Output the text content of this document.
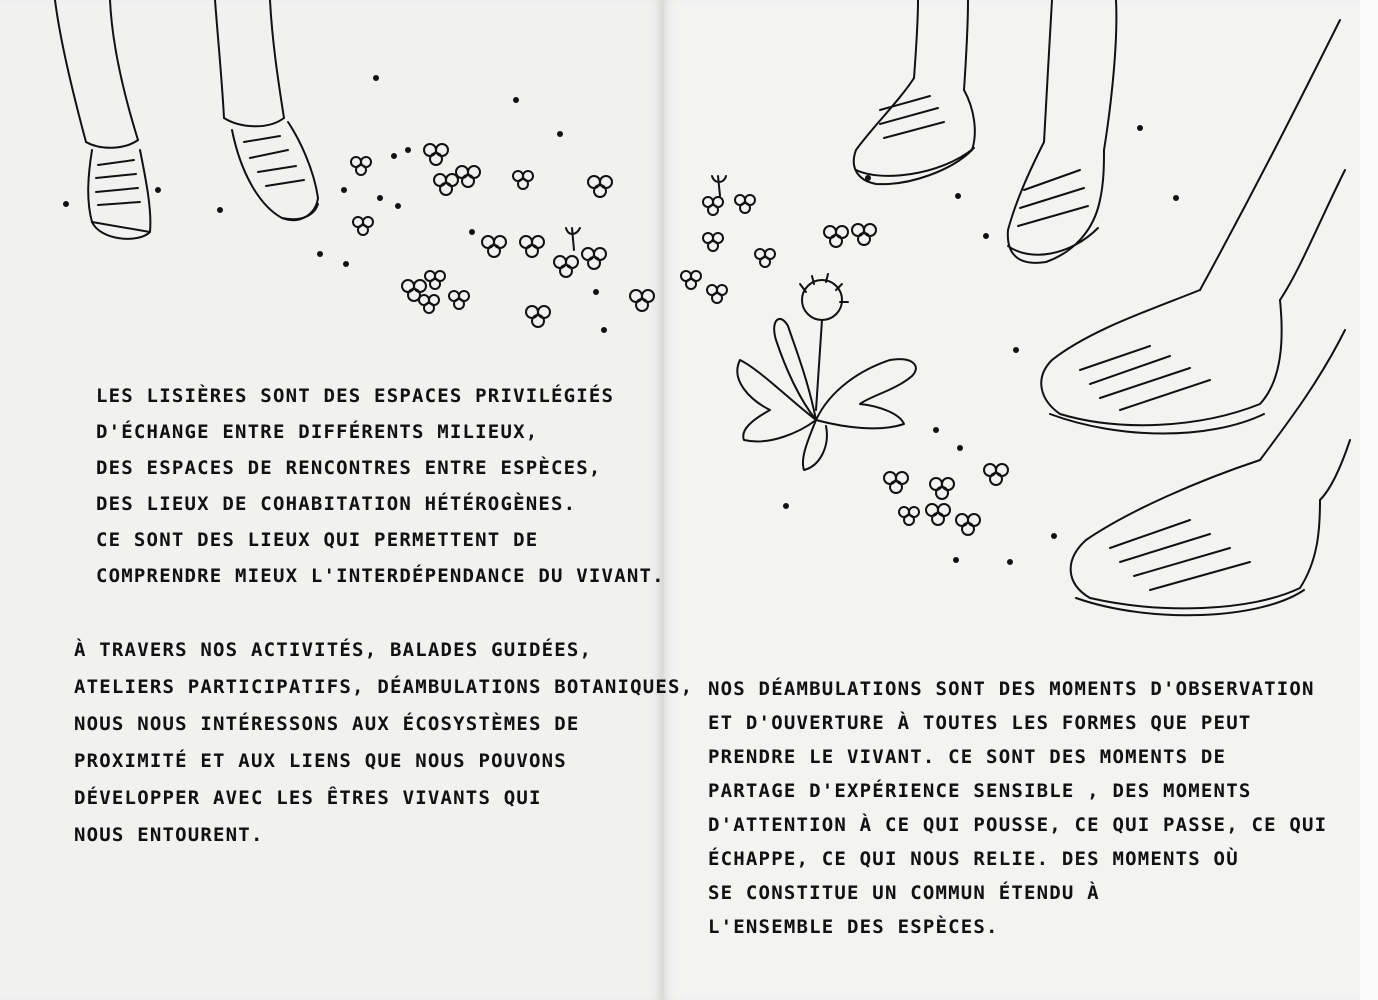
LES LISIÈRES SONT DES ESPACES PRIVILÉGIÉS
D'ÉCHANGE ENTRE DIFFÉRENTS MILIEUX,
DES ESPACES DE RENCONTRES ENTRE ESPÈCES,
DES LIEUX DE COHABITATION HÉTÉROGÈNES.
CE SONT DES LIEUX QUI PERMETTENT DE
COMPRENDRE MIEUX L'INTERDÉPENDANCE DU VIVANT.
À TRAVERS NOS ACTIVITÉS, BALADES GUIDÉES,
ATELIERS PARTICIPATIFS, DÉAMBULATIONS BOTANIQUES,
NOUS NOUS INTÉRESSONS AUX ÉCOSYSTÈMES DE
PROXIMITÉ ET AUX LIENS QUE NOUS POUVONS
DÉVELOPPER AVEC LES ÊTRES VIVANTS QUI
NOUS ENTOURENT.
NOS DÉAMBULATIONS SONT DES MOMENTS D'OBSERVATION
ET D'OUVERTURE À TOUTES LES FORMES QUE PEUT
PRENDRE LE VIVANT. CE SONT DES MOMENTS DE
PARTAGE D'EXPÉRIENCE SENSIBLE , DES MOMENTS
D'ATTENTION À CE QUI POUSSE, CE QUI PASSE, CE QUI
ÉCHAPPE, CE QUI NOUS RELIE. DES MOMENTS OÙ
SE CONSTITUE UN COMMUN ÉTENDU À
L'ENSEMBLE DES ESPÈCES.
